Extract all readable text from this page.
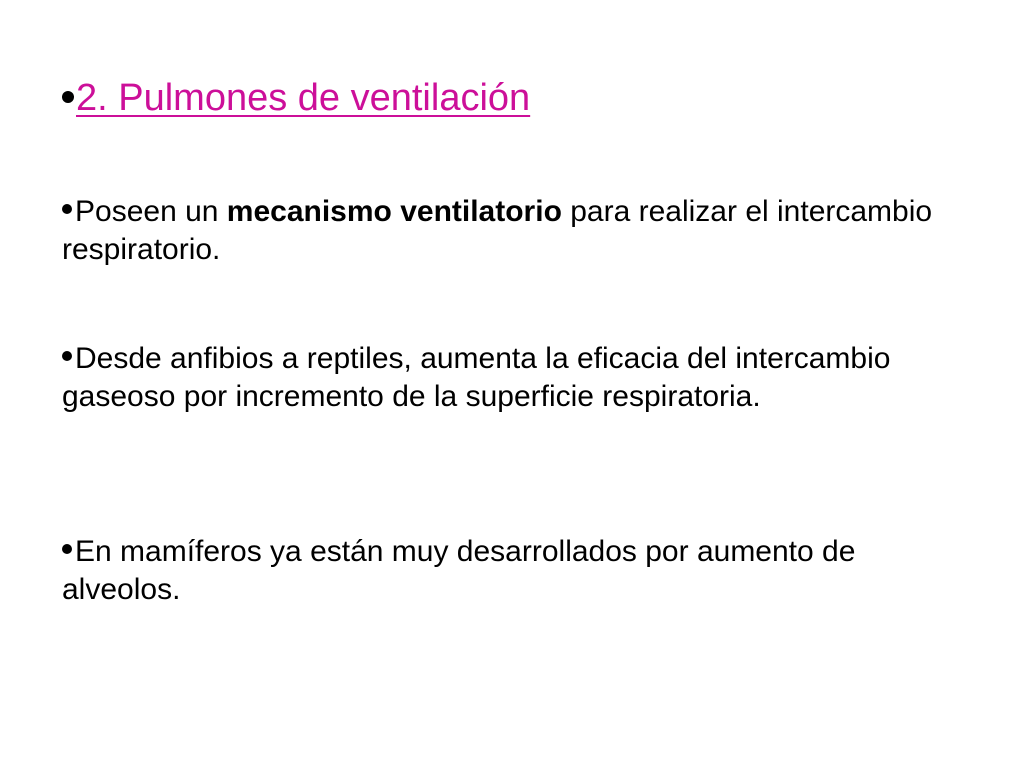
2. Pulmones de ventilación
Poseen un mecanismo ventilatorio para realizar el intercambio respiratorio.
Desde anfibios a reptiles, aumenta la eficacia del intercambio gaseoso por incremento de la superficie respiratoria.
En mamíferos ya están muy desarrollados por aumento de alveolos.
